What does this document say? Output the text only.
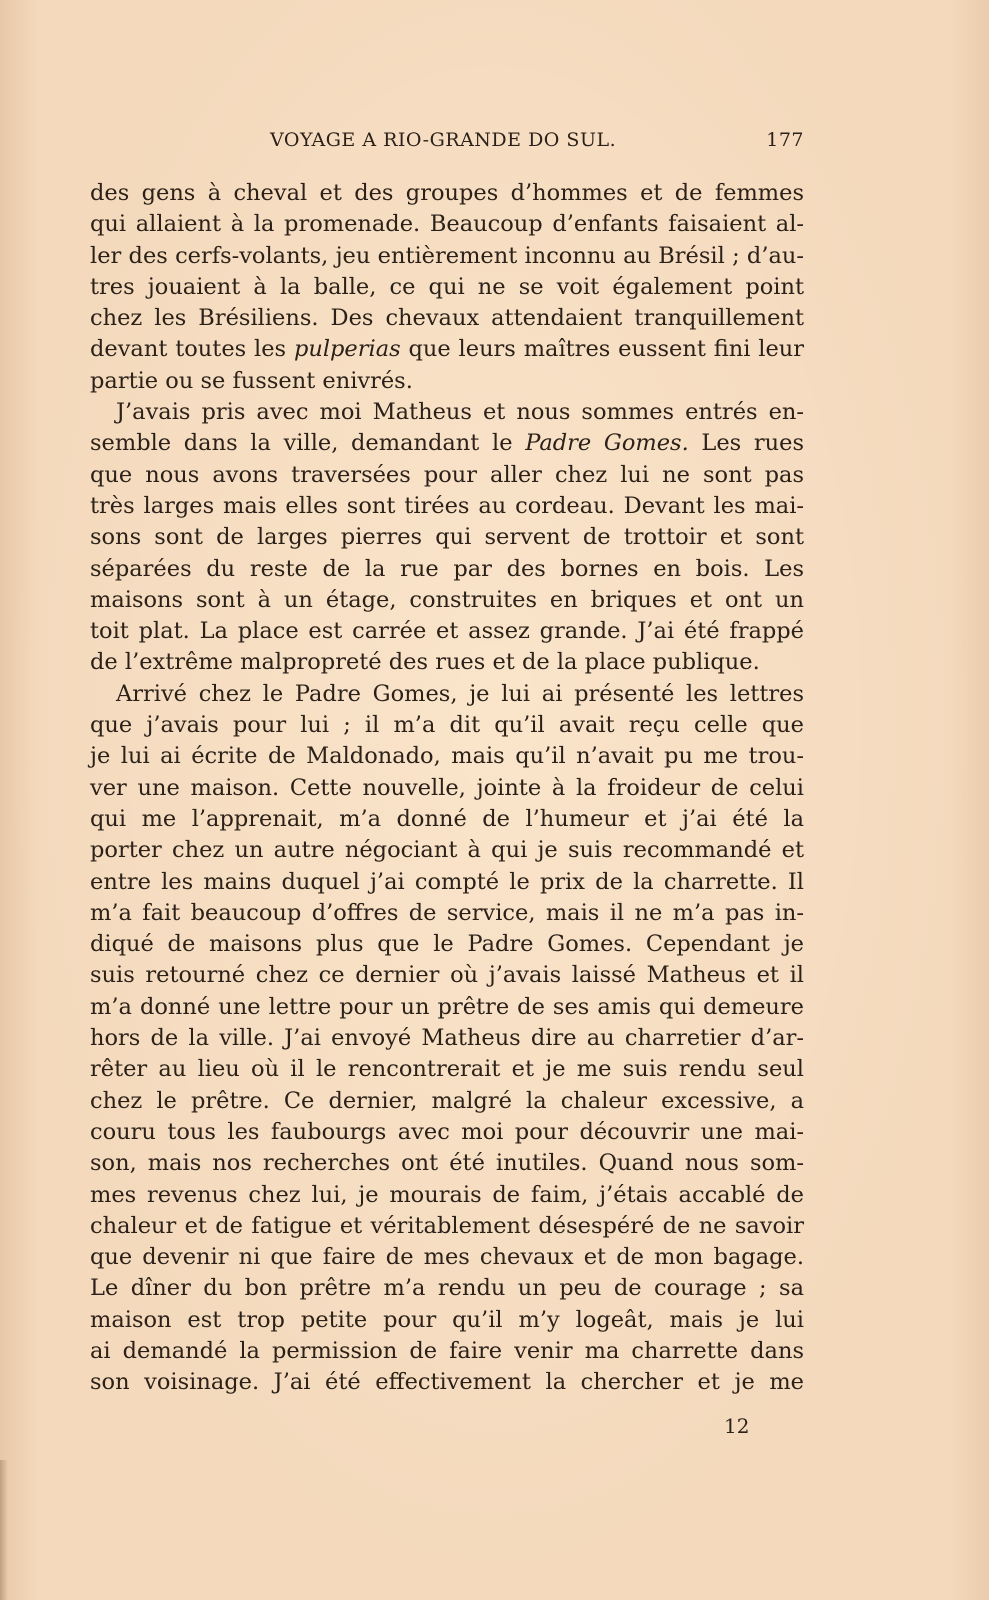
VOYAGE A RIO-GRANDE DO SUL.	177
des gens à cheval et des groupes d’hommes et de femmes
qui allaient à la promenade. Beaucoup d’enfants faisaient al-
ler des cerfs-volants, jeu entièrement inconnu au Brésil ; d’au-
tres jouaient à la balle, ce qui ne se voit également point
chez les Brésiliens. Des chevaux attendaient tranquillement
devant toutes les pulperias que leurs maîtres eussent fini leur
partie ou se fussent enivrés.
J’avais pris avec moi Matheus et nous sommes entrés en-
semble dans la ville, demandant le Padre Gomes. Les rues
que nous avons traversées pour aller chez lui ne sont pas
très larges mais elles sont tirées au cordeau. Devant les mai-
sons sont de larges pierres qui servent de trottoir et sont
séparées du reste de la rue par des bornes en bois. Les
maisons sont à un étage, construites en briques et ont un
toit plat. La place est carrée et assez grande. J’ai été frappé
de l’extrême malpropreté des rues et de la place publique.
Arrivé chez le Padre Gomes, je lui ai présenté les lettres
que j’avais pour lui ; il m’a dit qu’il avait reçu celle que
je lui ai écrite de Maldonado, mais qu’il n’avait pu me trou-
ver une maison. Cette nouvelle, jointe à la froideur de celui
qui me l’apprenait, m’a donné de l’humeur et j’ai été la
porter chez un autre négociant à qui je suis recommandé et
entre les mains duquel j’ai compté le prix de la charrette. Il
m’a fait beaucoup d’offres de service, mais il ne m’a pas in-
diqué de maisons plus que le Padre Gomes. Cependant je
suis retourné chez ce dernier où j’avais laissé Matheus et il
m’a donné une lettre pour un prêtre de ses amis qui demeure
hors de la ville. J’ai envoyé Matheus dire au charretier d’ar-
rêter au lieu où il le rencontrerait et je me suis rendu seul
chez le prêtre. Ce dernier, malgré la chaleur excessive, a
couru tous les faubourgs avec moi pour découvrir une mai-
son, mais nos recherches ont été inutiles. Quand nous som-
mes revenus chez lui, je mourais de faim, j’étais accablé de
chaleur et de fatigue et véritablement désespéré de ne savoir
que devenir ni que faire de mes chevaux et de mon bagage.
Le dîner du bon prêtre m’a rendu un peu de courage ; sa
maison est trop petite pour qu’il m’y logeât, mais je lui
ai demandé la permission de faire venir ma charrette dans
son voisinage. J’ai été effectivement la chercher et je me
12
